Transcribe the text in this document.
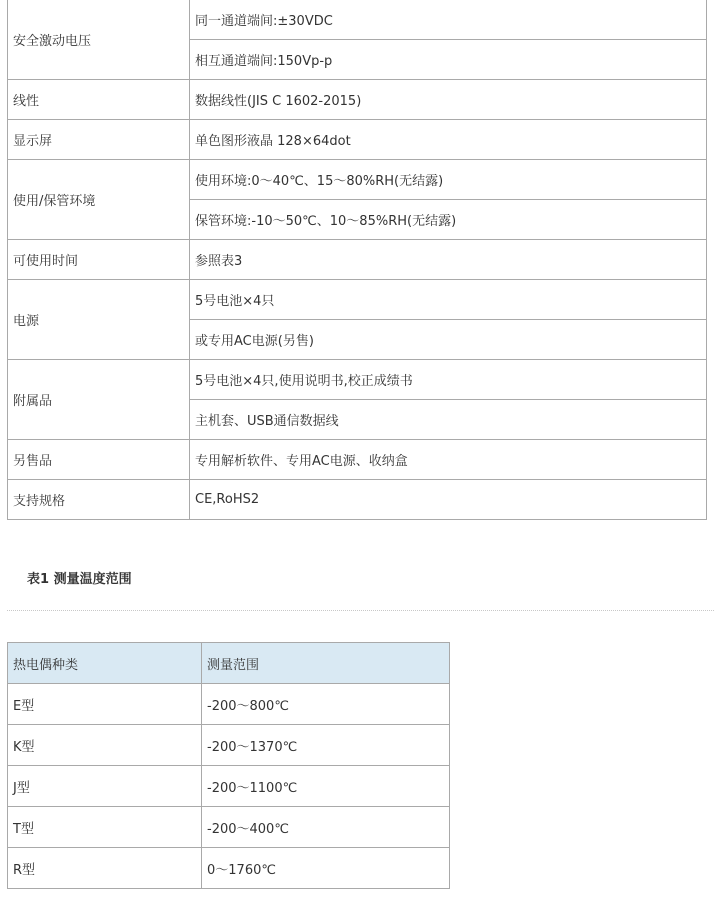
安全激动电压	同一通道端间:±30VDC
	相互通道端间:150Vp-p
线性	数据线性(JIS C 1602-2015)
显示屏	单色图形液晶 128×64dot
使用/保管环境	使用环境:0～40℃、15～80%RH(无结露)
	保管环境:-10～50℃、10～85%RH(无结露)
可使用时间	参照表3
电源	5号电池×4只
	或专用AC电源(另售)
附属品	5号电池×4只,使用说明书,校正成绩书
	主机套、USB通信数据线
另售品	专用解析软件、专用AC电源、收纳盒
支持规格	CE,RoHS2
表1 测量温度范围
热电偶种类	测量范围
E型	-200～800℃
K型	-200～1370℃
J型	-200～1100℃
T型	-200～400℃
R型	0～1760℃
